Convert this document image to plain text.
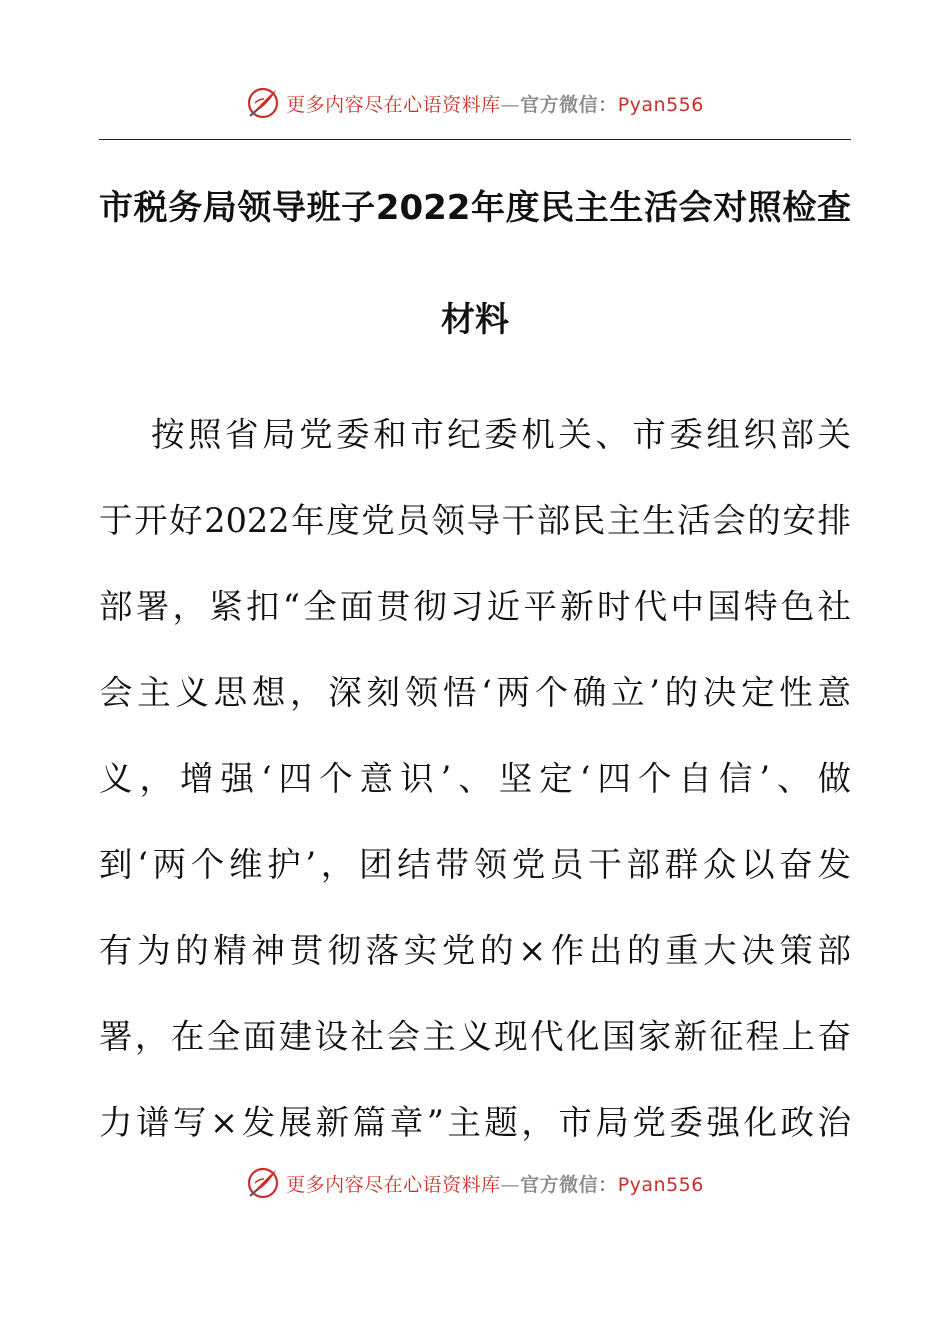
更多内容尽在心语资料库—官方微信：Pyan556
市税务局领导班子2022年度民主生活会对照检查
材料

按照省局党委和市纪委机关、市委组织部关
于开好2022年度党员领导干部民主生活会的安排
部署，紧扣“全面贯彻习近平新时代中国特色社
会主义思想，深刻领悟‘两个确立’的决定性意
义，增强‘四个意识’、坚定‘四个自信’、做
到‘两个维护’，团结带领党员干部群众以奋发
有为的精神贯彻落实党的×作出的重大决策部
署，在全面建设社会主义现代化国家新征程上奋
力谱写×发展新篇章”主题，市局党委强化政治

更多内容尽在心语资料库—官方微信：Pyan556
